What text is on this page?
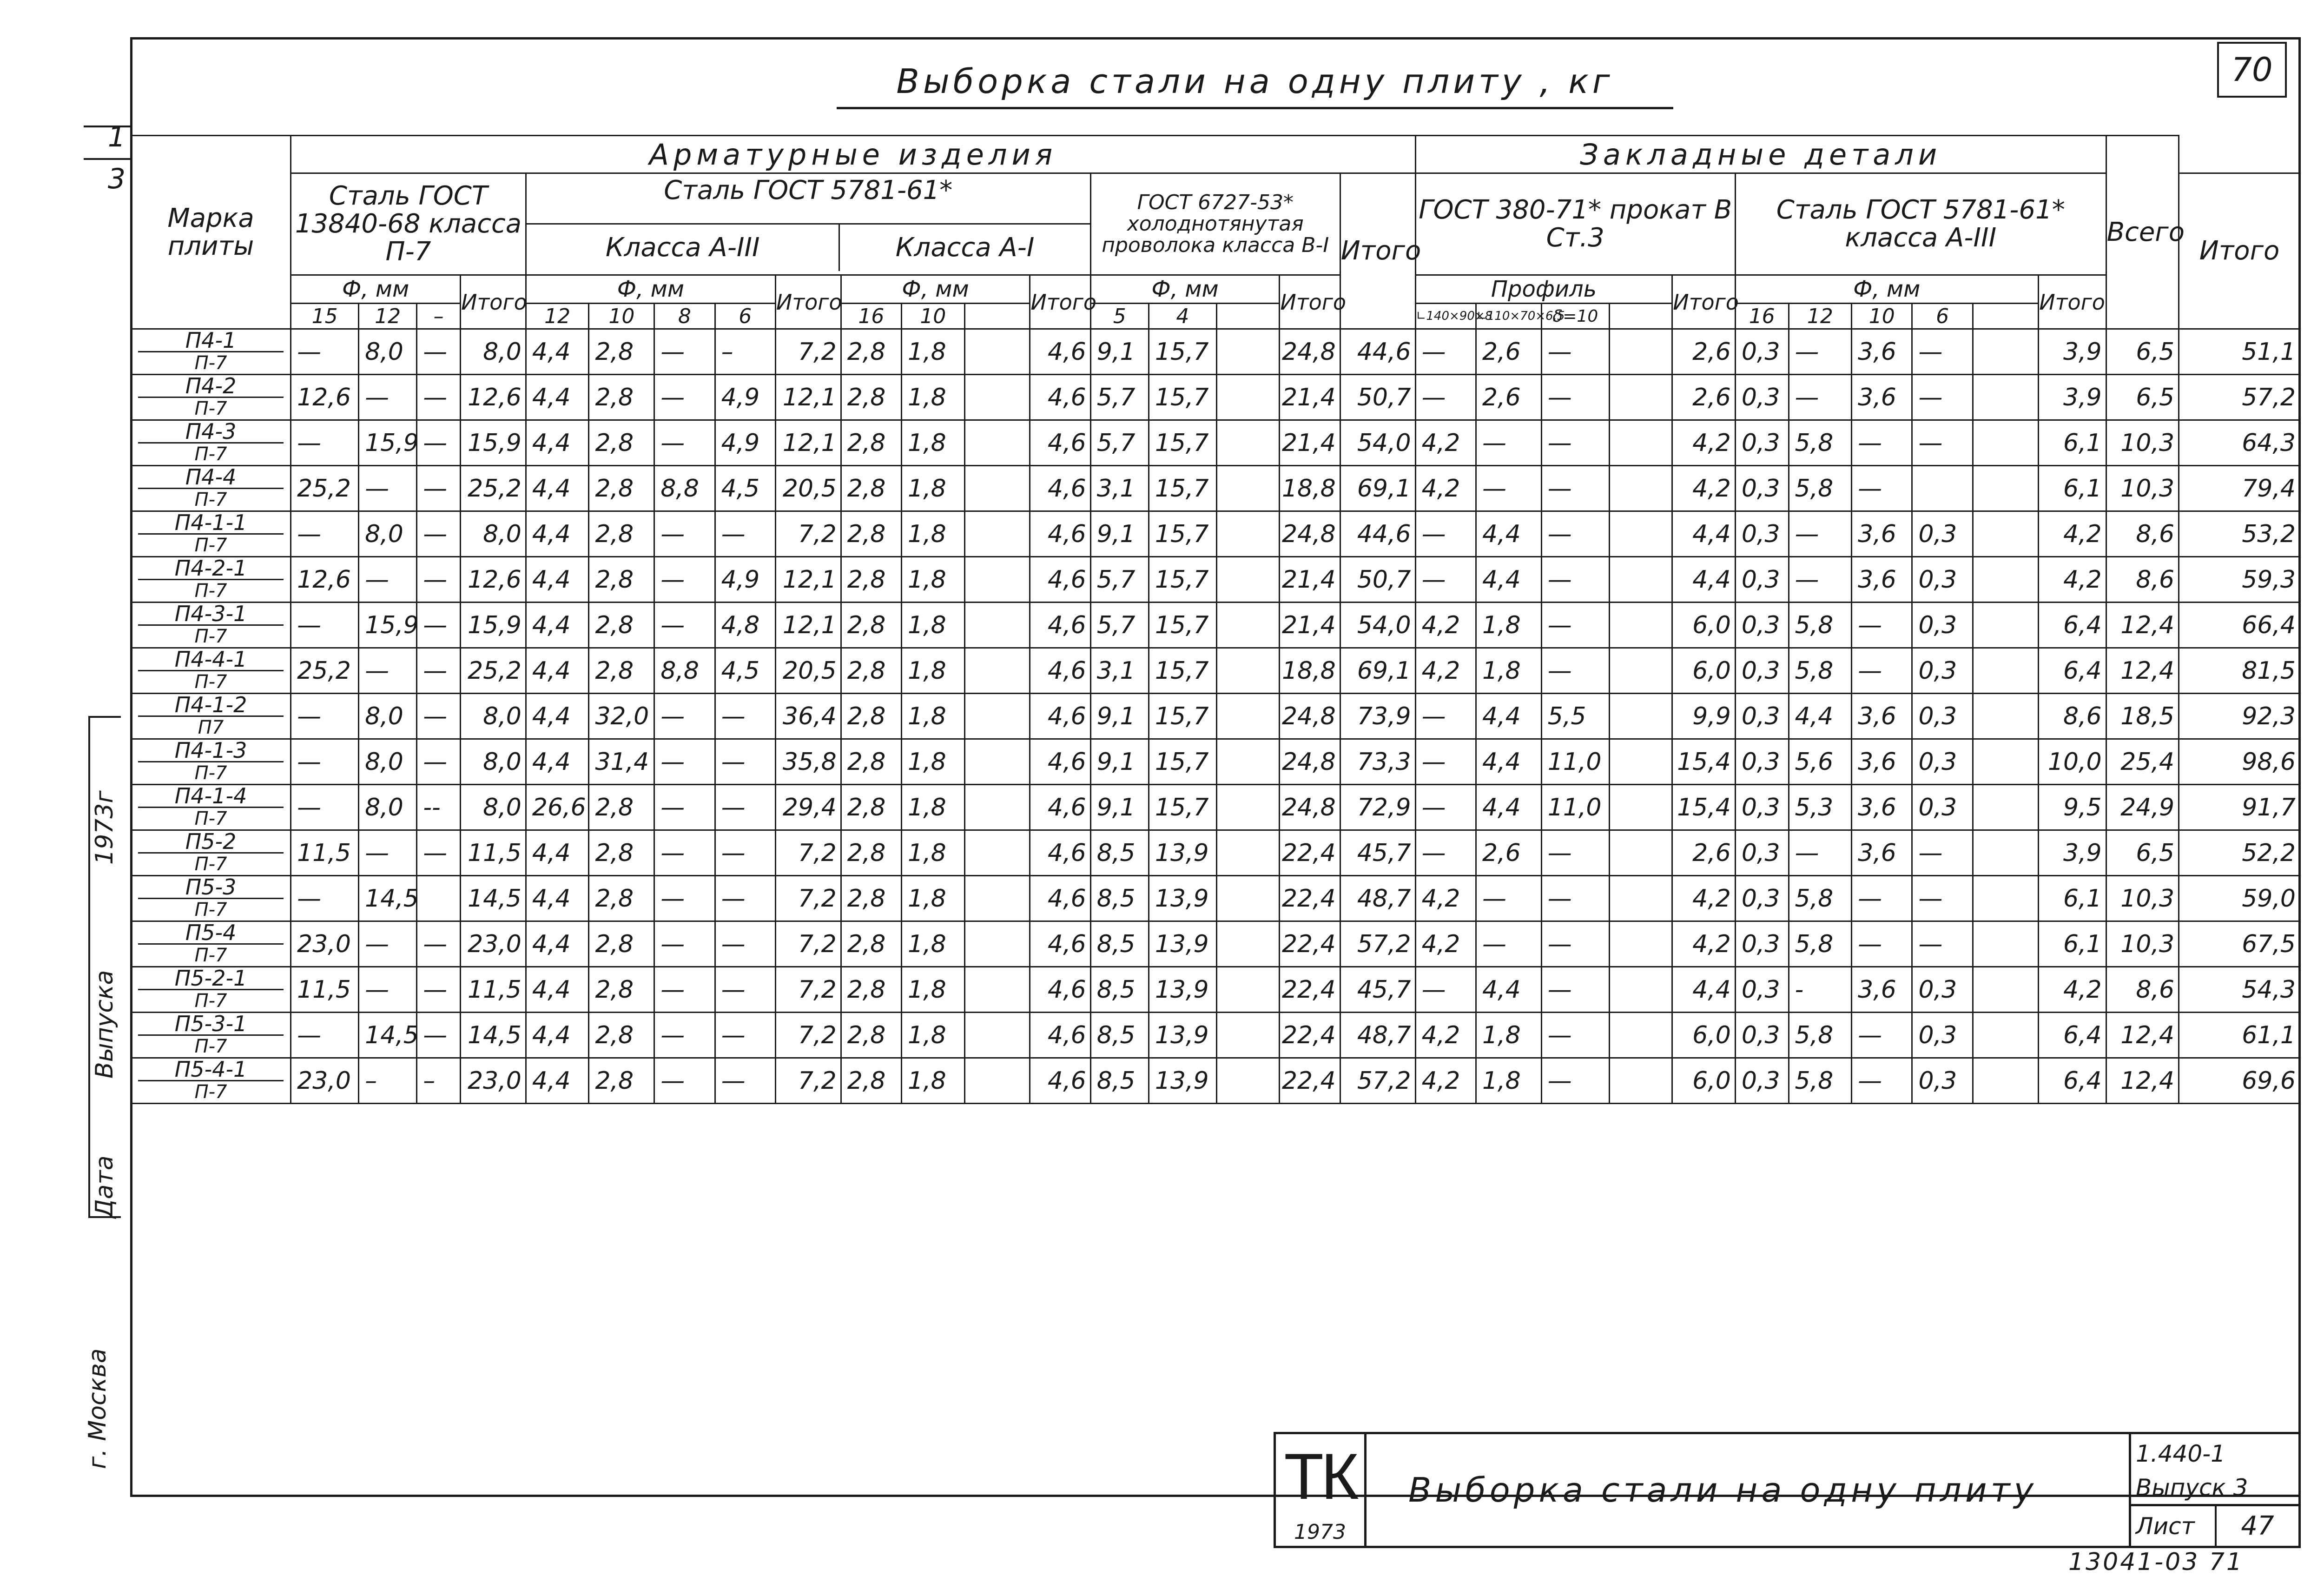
70
Выборка стали на одну плиту , кг
1
3
Дата
Выпуска
1973г
г. Москва
Марка плиты	Арматурные изделия																		Закладные детали											Всего	
	Сталь ГОСТ 13840-68 класса П-7				Сталь ГОСТ 5781-61*
Класса А-III Класса А-I									ГОСТ 6727-53* холоднотянутая проволока класса В-I				Итого	ГОСТ 380-71* прокат В Ст.3					Сталь ГОСТ 5781-61* класса А-III							Итого
	Ф, мм			Итого	Ф, мм				Итого	Ф, мм			Итого	Ф, мм			Итого		Профиль				Итого	Ф, мм					Итого		
	15	12	–		12	10	8	6		16	10			5	4				∟140×90×8	∟110×70×6,5	δ=10			16	12	10	6				

П4-1
П-7	—	8,0	—	8,0	4,4	2,8	—	–	7,2	2,8	1,8		4,6	9,1	15,7		24,8	44,6	—	2,6	—		2,6	0,3	—	3,6	—		3,9	6,5	51,1

П4-2
П-7	12,6	—	—	12,6	4,4	2,8	—	4,9	12,1	2,8	1,8		4,6	5,7	15,7		21,4	50,7	—	2,6	—		2,6	0,3	—	3,6	—		3,9	6,5	57,2

П4-3
П-7	—	15,9	—	15,9	4,4	2,8	—	4,9	12,1	2,8	1,8		4,6	5,7	15,7		21,4	54,0	4,2	—	—		4,2	0,3	5,8	—	—		6,1	10,3	64,3

П4-4
П-7	25,2	—	—	25,2	4,4	2,8	8,8	4,5	20,5	2,8	1,8		4,6	3,1	15,7		18,8	69,1	4,2	—	—		4,2	0,3	5,8	—			6,1	10,3	79,4

П4-1-1
П-7	—	8,0	—	8,0	4,4	2,8	—	—	7,2	2,8	1,8		4,6	9,1	15,7		24,8	44,6	—	4,4	—		4,4	0,3	—	3,6	0,3		4,2	8,6	53,2

П4-2-1
П-7	12,6	—	—	12,6	4,4	2,8	—	4,9	12,1	2,8	1,8		4,6	5,7	15,7		21,4	50,7	—	4,4	—		4,4	0,3	—	3,6	0,3		4,2	8,6	59,3

П4-3-1
П-7	—	15,9	—	15,9	4,4	2,8	—	4,8	12,1	2,8	1,8		4,6	5,7	15,7		21,4	54,0	4,2	1,8	—		6,0	0,3	5,8	—	0,3		6,4	12,4	66,4

П4-4-1
П-7	25,2	—	—	25,2	4,4	2,8	8,8	4,5	20,5	2,8	1,8		4,6	3,1	15,7		18,8	69,1	4,2	1,8	—		6,0	0,3	5,8	—	0,3		6,4	12,4	81,5

П4-1-2
П7	—	8,0	—	8,0	4,4	32,0	—	—	36,4	2,8	1,8		4,6	9,1	15,7		24,8	73,9	—	4,4	5,5		9,9	0,3	4,4	3,6	0,3		8,6	18,5	92,3

П4-1-3
П-7	—	8,0	—	8,0	4,4	31,4	—	—	35,8	2,8	1,8		4,6	9,1	15,7		24,8	73,3	—	4,4	11,0		15,4	0,3	5,6	3,6	0,3		10,0	25,4	98,6

П4-1-4
П-7	—	8,0	--	8,0	26,6	2,8	—	—	29,4	2,8	1,8		4,6	9,1	15,7		24,8	72,9	—	4,4	11,0		15,4	0,3	5,3	3,6	0,3		9,5	24,9	91,7

П5-2
П-7	11,5	—	—	11,5	4,4	2,8	—	—	7,2	2,8	1,8		4,6	8,5	13,9		22,4	45,7	—	2,6	—		2,6	0,3	—	3,6	—		3,9	6,5	52,2

П5-3
П-7	—	14,5		14,5	4,4	2,8	—	—	7,2	2,8	1,8		4,6	8,5	13,9		22,4	48,7	4,2	—	—		4,2	0,3	5,8	—	—		6,1	10,3	59,0

П5-4
П-7	23,0	—	—	23,0	4,4	2,8	—	—	7,2	2,8	1,8		4,6	8,5	13,9		22,4	57,2	4,2	—	—		4,2	0,3	5,8	—	—		6,1	10,3	67,5

П5-2-1
П-7	11,5	—	—	11,5	4,4	2,8	—	—	7,2	2,8	1,8		4,6	8,5	13,9		22,4	45,7	—	4,4	—		4,4	0,3	-	3,6	0,3		4,2	8,6	54,3

П5-3-1
П-7	—	14,5	—	14,5	4,4	2,8	—	—	7,2	2,8	1,8		4,6	8,5	13,9		22,4	48,7	4,2	1,8	—		6,0	0,3	5,8	—	0,3		6,4	12,4	61,1

П5-4-1
П-7	23,0	–	–	23,0	4,4	2,8	—	—	7,2	2,8	1,8		4,6	8,5	13,9		22,4	57,2	4,2	1,8	—		6,0	0,3	5,8	—	0,3		6,4	12,4	69,6

ТК
1973
Выборка стали на одну плиту
1.440-1
Выпуск 3
Лист	47
13041-03 71
